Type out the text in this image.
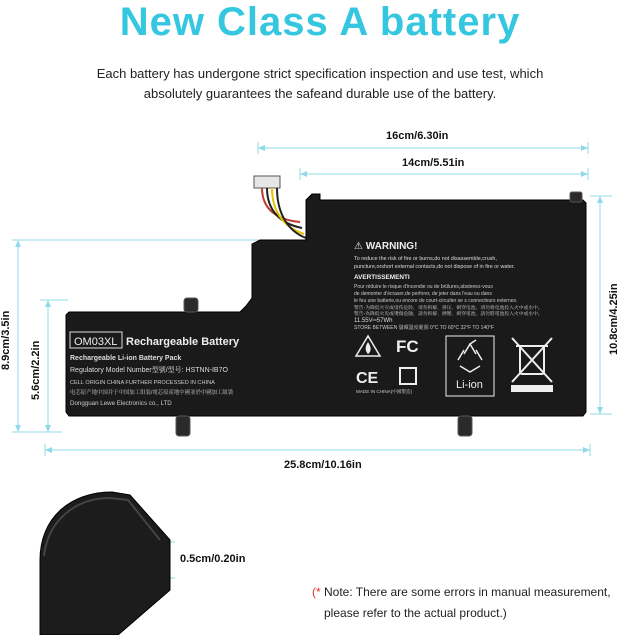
New Class A battery
Each battery has undergone strict specification inspection and use test, which
absolutely guarantees the safeand durable use of the battery.
OM03XL Rechargeable Battery
Rechargeable Li-ion Battery Pack
Regulatory Model Number型號/型号: HSTNN-IB7O
CELL ORIGIN CHINA FURTHER PROCESSED IN CHINA
电芯原产地中国并于中国加工组装/電芯原產地中國並於中國加工組裝
Dongguan Lewe Electronics co., LTD
⚠ WARNING!
To reduce the risk of fire or burns,do not disassemble,crush,
puncture,orshort external contacts,do not dispose of in fire or water.
AVERTISSEMENTI
Pour réduire le risque d'incendie ou de brûlures,abstenez-vous
de demonter d'écraser,de perforer, de jeter dans l'eau ou dans
le feu une batterie,ou encore de court-circuiter se s connecteurs externes.
警告-为降低火灾或烫伤危险，请勿拆解、挤压、刺穿电池，请勿将电池投入火中或水中。
警告-為降低火災或燙傷危險，請勿拆解、擠壓、刺穿電池，請勿將電池投入火中或水中。
11.55V═57Wh
STORE BETWEEN 儲藏溫度範圍 0°C TO 60°C 32°F TO 140°F
FC
CE
MADE IN CHINA(中國製造)
Li-ion
16cm/6.30in
14cm/5.51in
25.8cm/10.16in
0.5cm/0.20in
10.8cm/4.25in
8.9cm/3.5in
5.6cm/2.2in
(* Note: There are some errors in manual measurement,
please refer to the actual product.)
